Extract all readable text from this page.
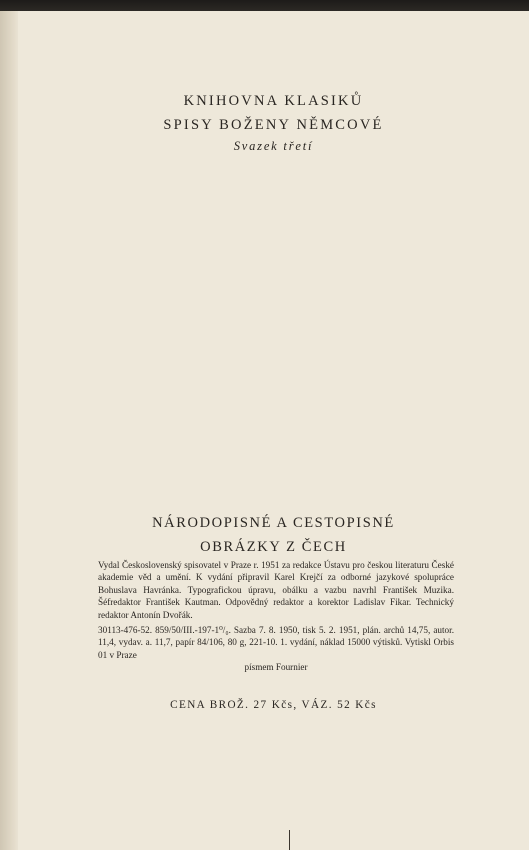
KNIHOVNA KLASIKŮ
SPISY BOŽENY NĚMCOVÉ
Svazek třetí
NÁRODOPISNÉ A CESTOPISNÉ
OBRÁZKY Z ČECH

Vydal Československý spisovatel v Praze r. 1951 za redakce Ústavu pro českou literaturu České akademie věd a umění. K vydání připravil Karel Krejčí za odborné jazykové spolupráce Bohuslava Havránka. Typografickou úpravu, obálku a vazbu navrhl František Muzika. Šéfredaktor František Kautman. Odpovědný redaktor a korektor Ladislav Fikar. Technický redaktor Antonín Dvořák.

30113-476-52. 859/50/III.-197-1⁰/₀. Sazba 7. 8. 1950, tisk 5. 2. 1951, plán. archů 14,75, autor. 11,4, vydav. a. 11,7, papír 84/106, 80 g, 221-10. 1. vydání, náklad 15000 výtisků. Vytiskl Orbis 01 v Praze

písmem Fournier

CENA BROŽ. 27 Kčs, VÁZ. 52 Kčs
